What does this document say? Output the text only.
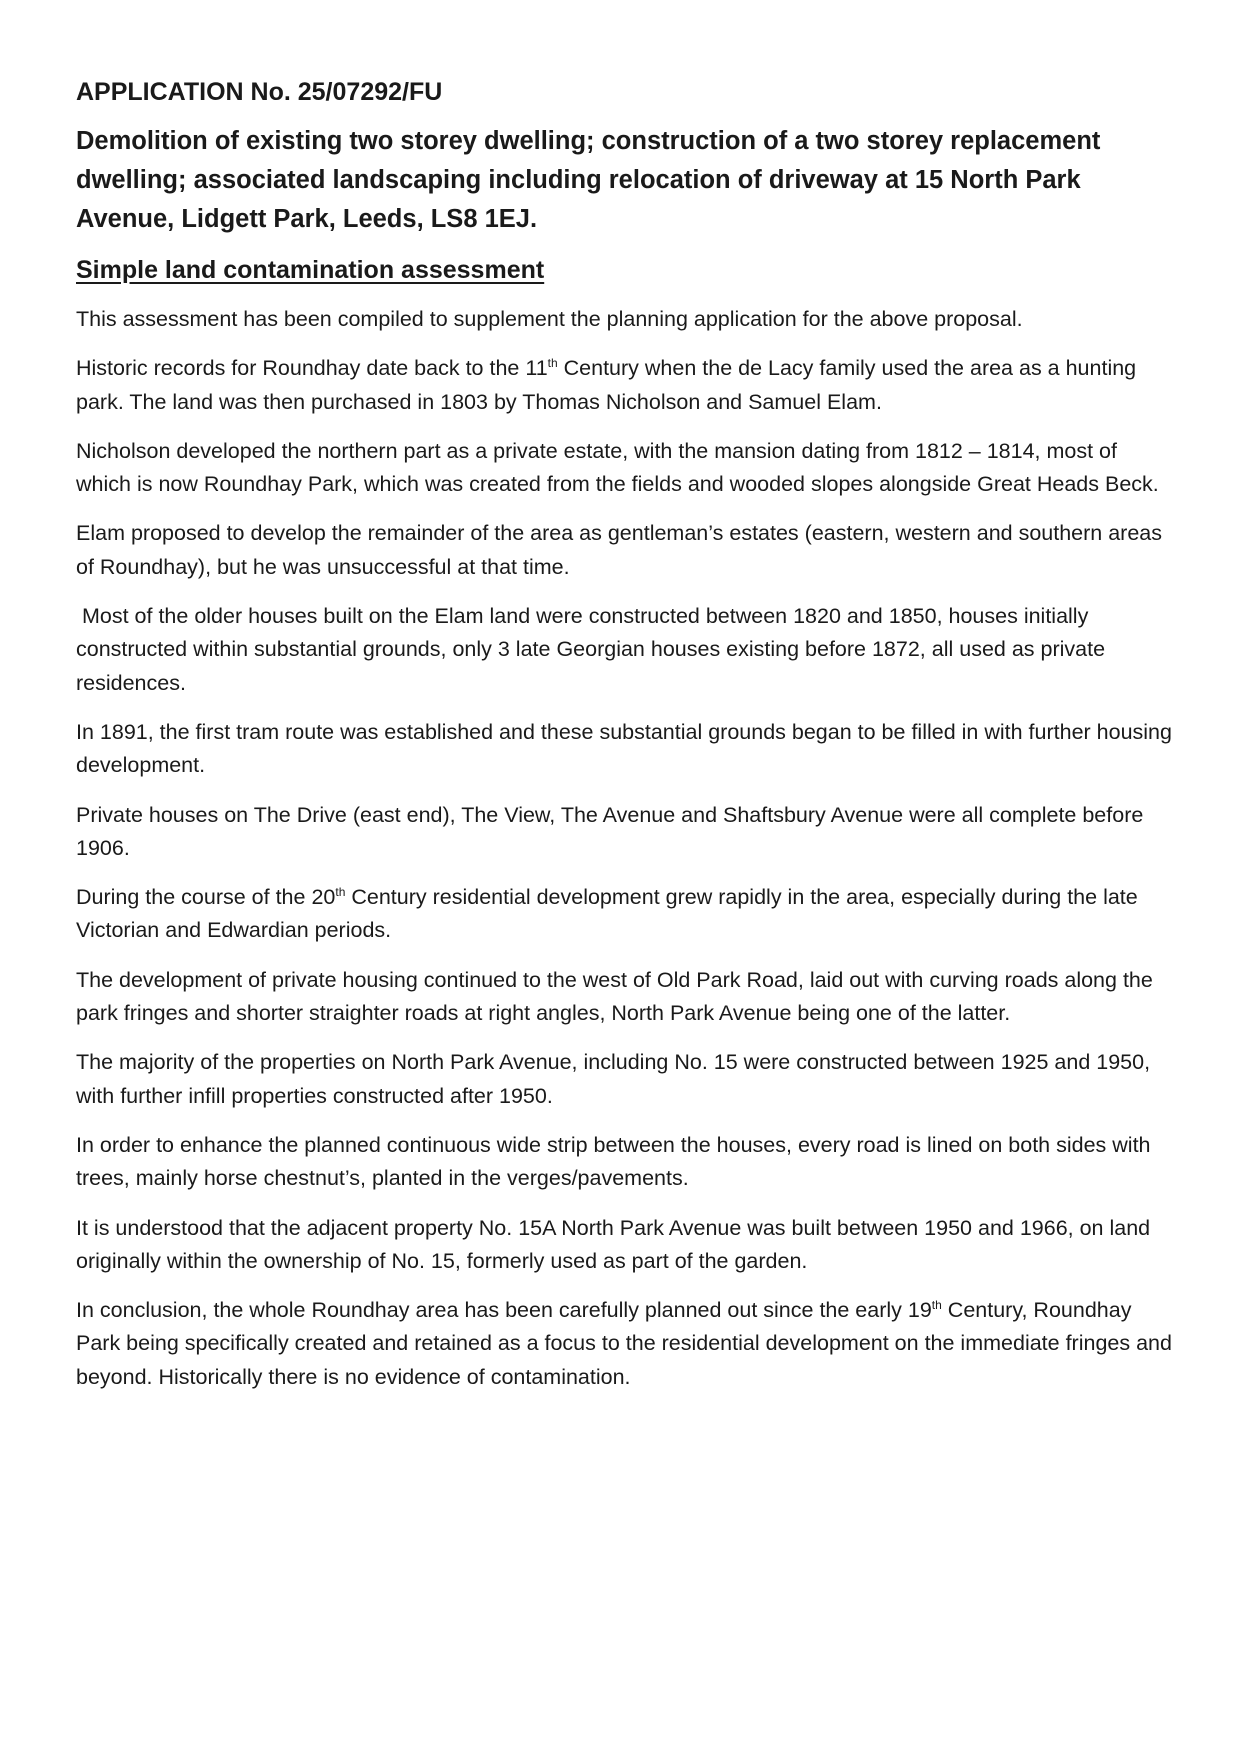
APPLICATION No. 25/07292/FU
Demolition of existing two storey dwelling; construction of a two storey replacement dwelling; associated landscaping including relocation of driveway at 15 North Park Avenue, Lidgett Park, Leeds, LS8 1EJ.
Simple land contamination assessment

This assessment has been compiled to supplement the planning application for the above proposal.

Historic records for Roundhay date back to the 11th Century when the de Lacy family used the area as a hunting park. The land was then purchased in 1803 by Thomas Nicholson and Samuel Elam.

Nicholson developed the northern part as a private estate, with the mansion dating from 1812 – 1814, most of which is now Roundhay Park, which was created from the fields and wooded slopes alongside Great Heads Beck.

Elam proposed to develop the remainder of the area as gentleman’s estates (eastern, western and southern areas of Roundhay), but he was unsuccessful at that time.

Most of the older houses built on the Elam land were constructed between 1820 and 1850, houses initially constructed within substantial grounds, only 3 late Georgian houses existing before 1872, all used as private residences.

In 1891, the first tram route was established and these substantial grounds began to be filled in with further housing development.

Private houses on The Drive (east end), The View, The Avenue and Shaftsbury Avenue were all complete before 1906.

During the course of the 20th Century residential development grew rapidly in the area, especially during the late Victorian and Edwardian periods.

The development of private housing continued to the west of Old Park Road, laid out with curving roads along the park fringes and shorter straighter roads at right angles, North Park Avenue being one of the latter.

The majority of the properties on North Park Avenue, including No. 15 were constructed between 1925 and 1950, with further infill properties constructed after 1950.

In order to enhance the planned continuous wide strip between the houses, every road is lined on both sides with trees, mainly horse chestnut’s, planted in the verges/pavements.

It is understood that the adjacent property No. 15A North Park Avenue was built between 1950 and 1966, on land originally within the ownership of No. 15, formerly used as part of the garden.

In conclusion, the whole Roundhay area has been carefully planned out since the early 19th Century, Roundhay Park being specifically created and retained as a focus to the residential development on the immediate fringes and beyond. Historically there is no evidence of contamination.
